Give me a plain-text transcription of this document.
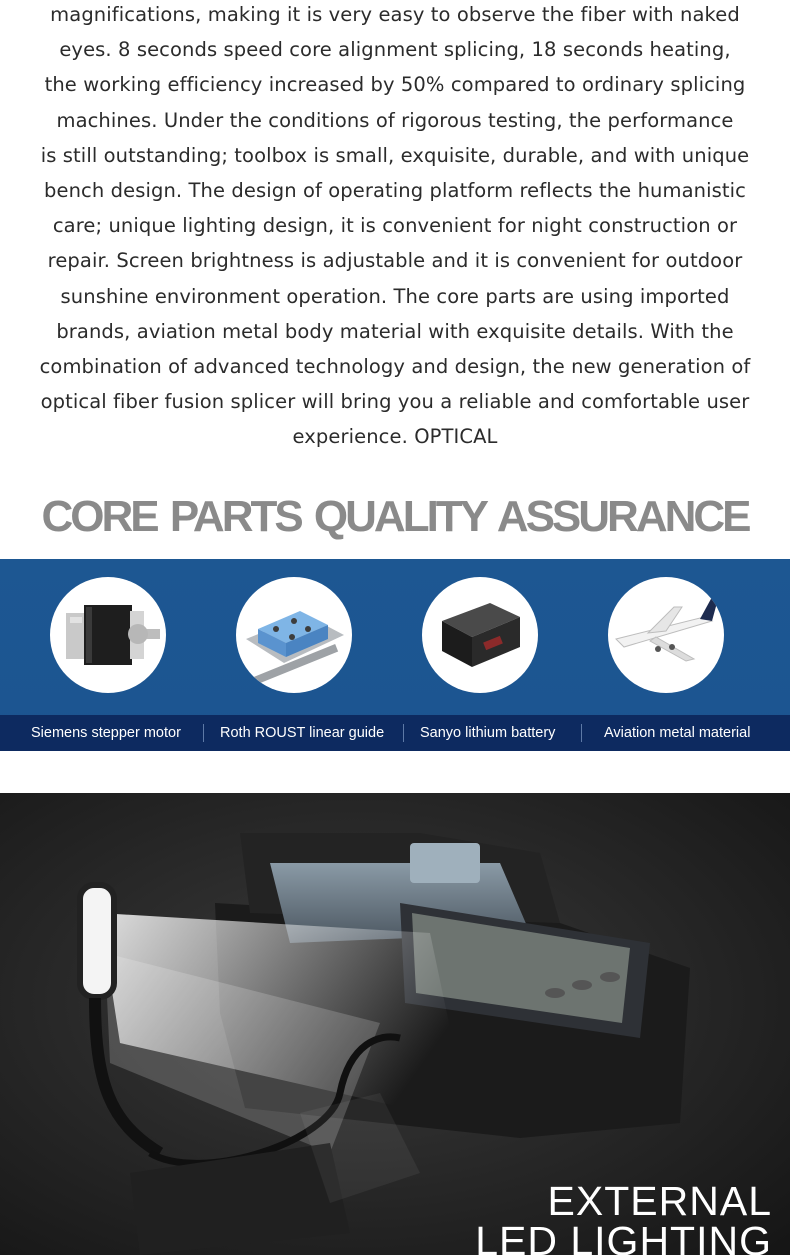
magnifications, making it is very easy to observe the fiber with naked
eyes. 8 seconds speed core alignment splicing, 18 seconds heating,
the working efficiency increased by 50% compared to ordinary splicing
machines. Under the conditions of rigorous testing, the performance
is still outstanding; toolbox is small, exquisite, durable, and with unique
bench design. The design of operating platform reflects the humanistic
care; unique lighting design, it is convenient for night construction or
repair. Screen brightness is adjustable and it is convenient for outdoor
sunshine environment operation. The core parts are using imported
brands, aviation metal body material with exquisite details. With the
combination of advanced technology and design, the new generation of
optical fiber fusion splicer will bring you a reliable and comfortable user
experience. OPTICAL

CORE PARTS QUALITY ASSURANCE
Siemens stepper motor	Roth ROUST linear guide Sanyo lithium battery	Aviation metal material
EXTERNAL
LED LIGHTING
